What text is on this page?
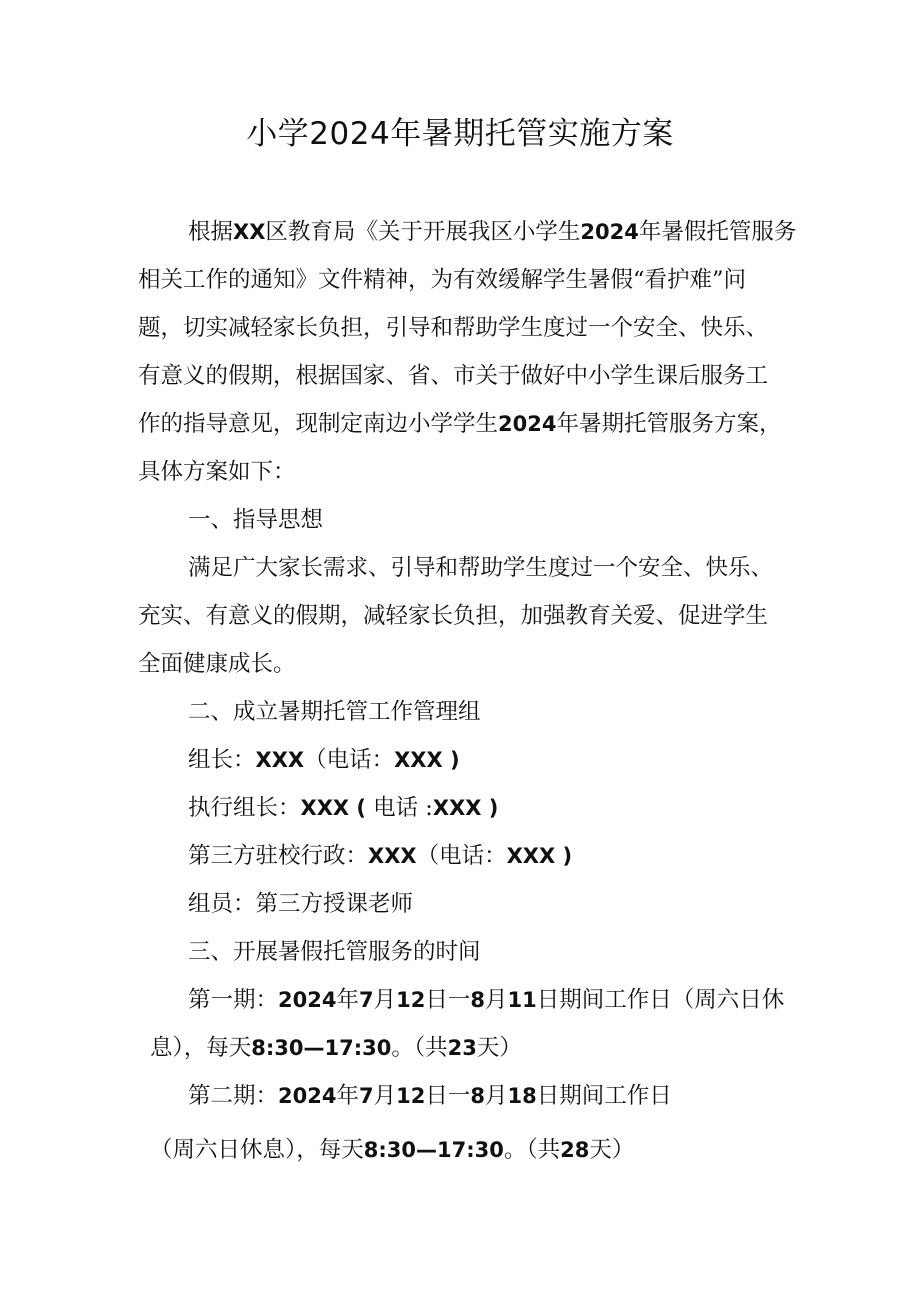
小学2024年暑期托管实施方案

根据XX区教育局《关于开展我区小学生2024年暑假托管服务

相关工作的通知》文件精神，为有效缓解学生暑假“看护难”问

题，切实减轻家长负担，引导和帮助学生度过一个安全、快乐、

有意义的假期，根据国家、省、市关于做好中小学生课后服务工

作的指导意见，现制定南边小学学生2024年暑期托管服务方案，

具体方案如下：

一、指导思想

满足广大家长需求、引导和帮助学生度过一个安全、快乐、

充实、有意义的假期，减轻家长负担，加强教育关爱、促进学生

全面健康成长。

二、成立暑期托管工作管理组

组长：XXX（电话：XXX )

执行组长：XXX ( 电话 :XXX )

第三方驻校行政：XXX（电话：XXX )

组员：第三方授课老师

三、开展暑假托管服务的时间

第一期：2024年7月12日一8月11日期间工作日（周六日休

息），每天8:30—17:30。（共23天）

第二期：2024年7月12日一8月18日期间工作日

（周六日休息），每天8:30—17:30。（共28天）
